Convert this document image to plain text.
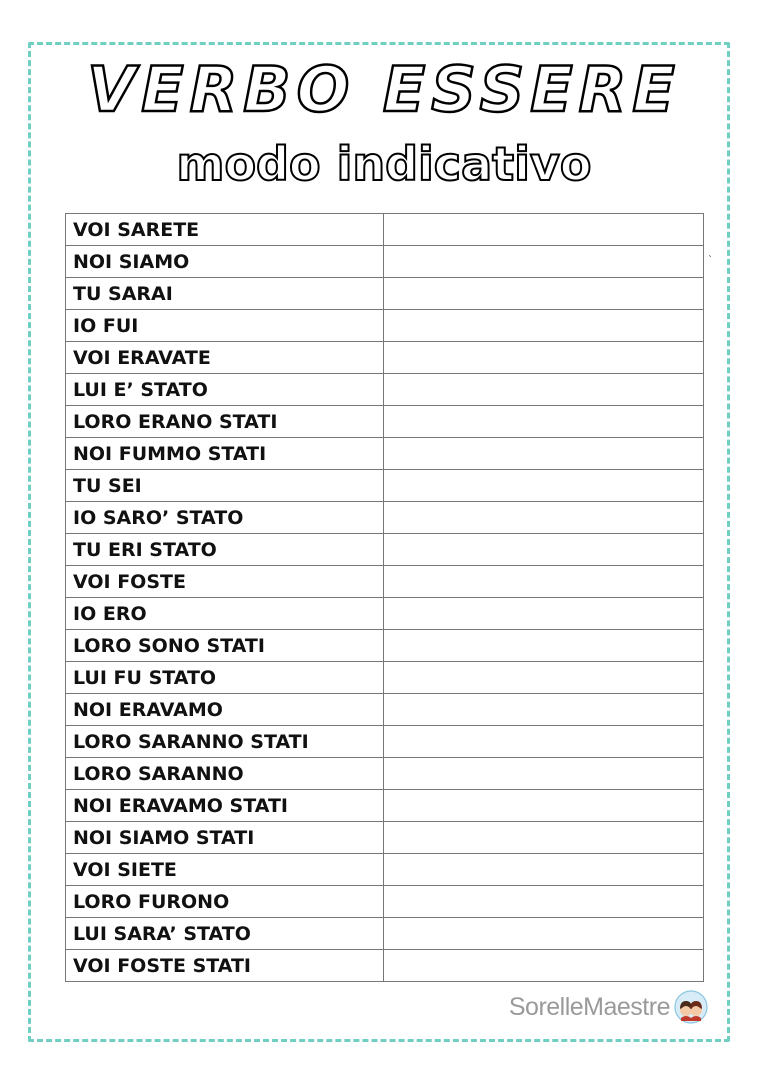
VERBO ESSERE
modo indicativo
`
VOI SARETE	
NOI SIAMO	
TU SARAI	
IO FUI	
VOI ERAVATE	
LUI E’ STATO	
LORO ERANO STATI	
NOI FUMMO STATI	
TU SEI	
IO SARO’ STATO	
TU ERI STATO	
VOI FOSTE	
IO ERO	
LORO SONO STATI	
LUI FU STATO	
NOI ERAVAMO	
LORO SARANNO STATI	
LORO SARANNO	
NOI ERAVAMO STATI	
NOI SIAMO STATI	
VOI SIETE	
LORO FURONO	
LUI SARA’ STATO	
VOI FOSTE STATI	
SorelleMaestre
